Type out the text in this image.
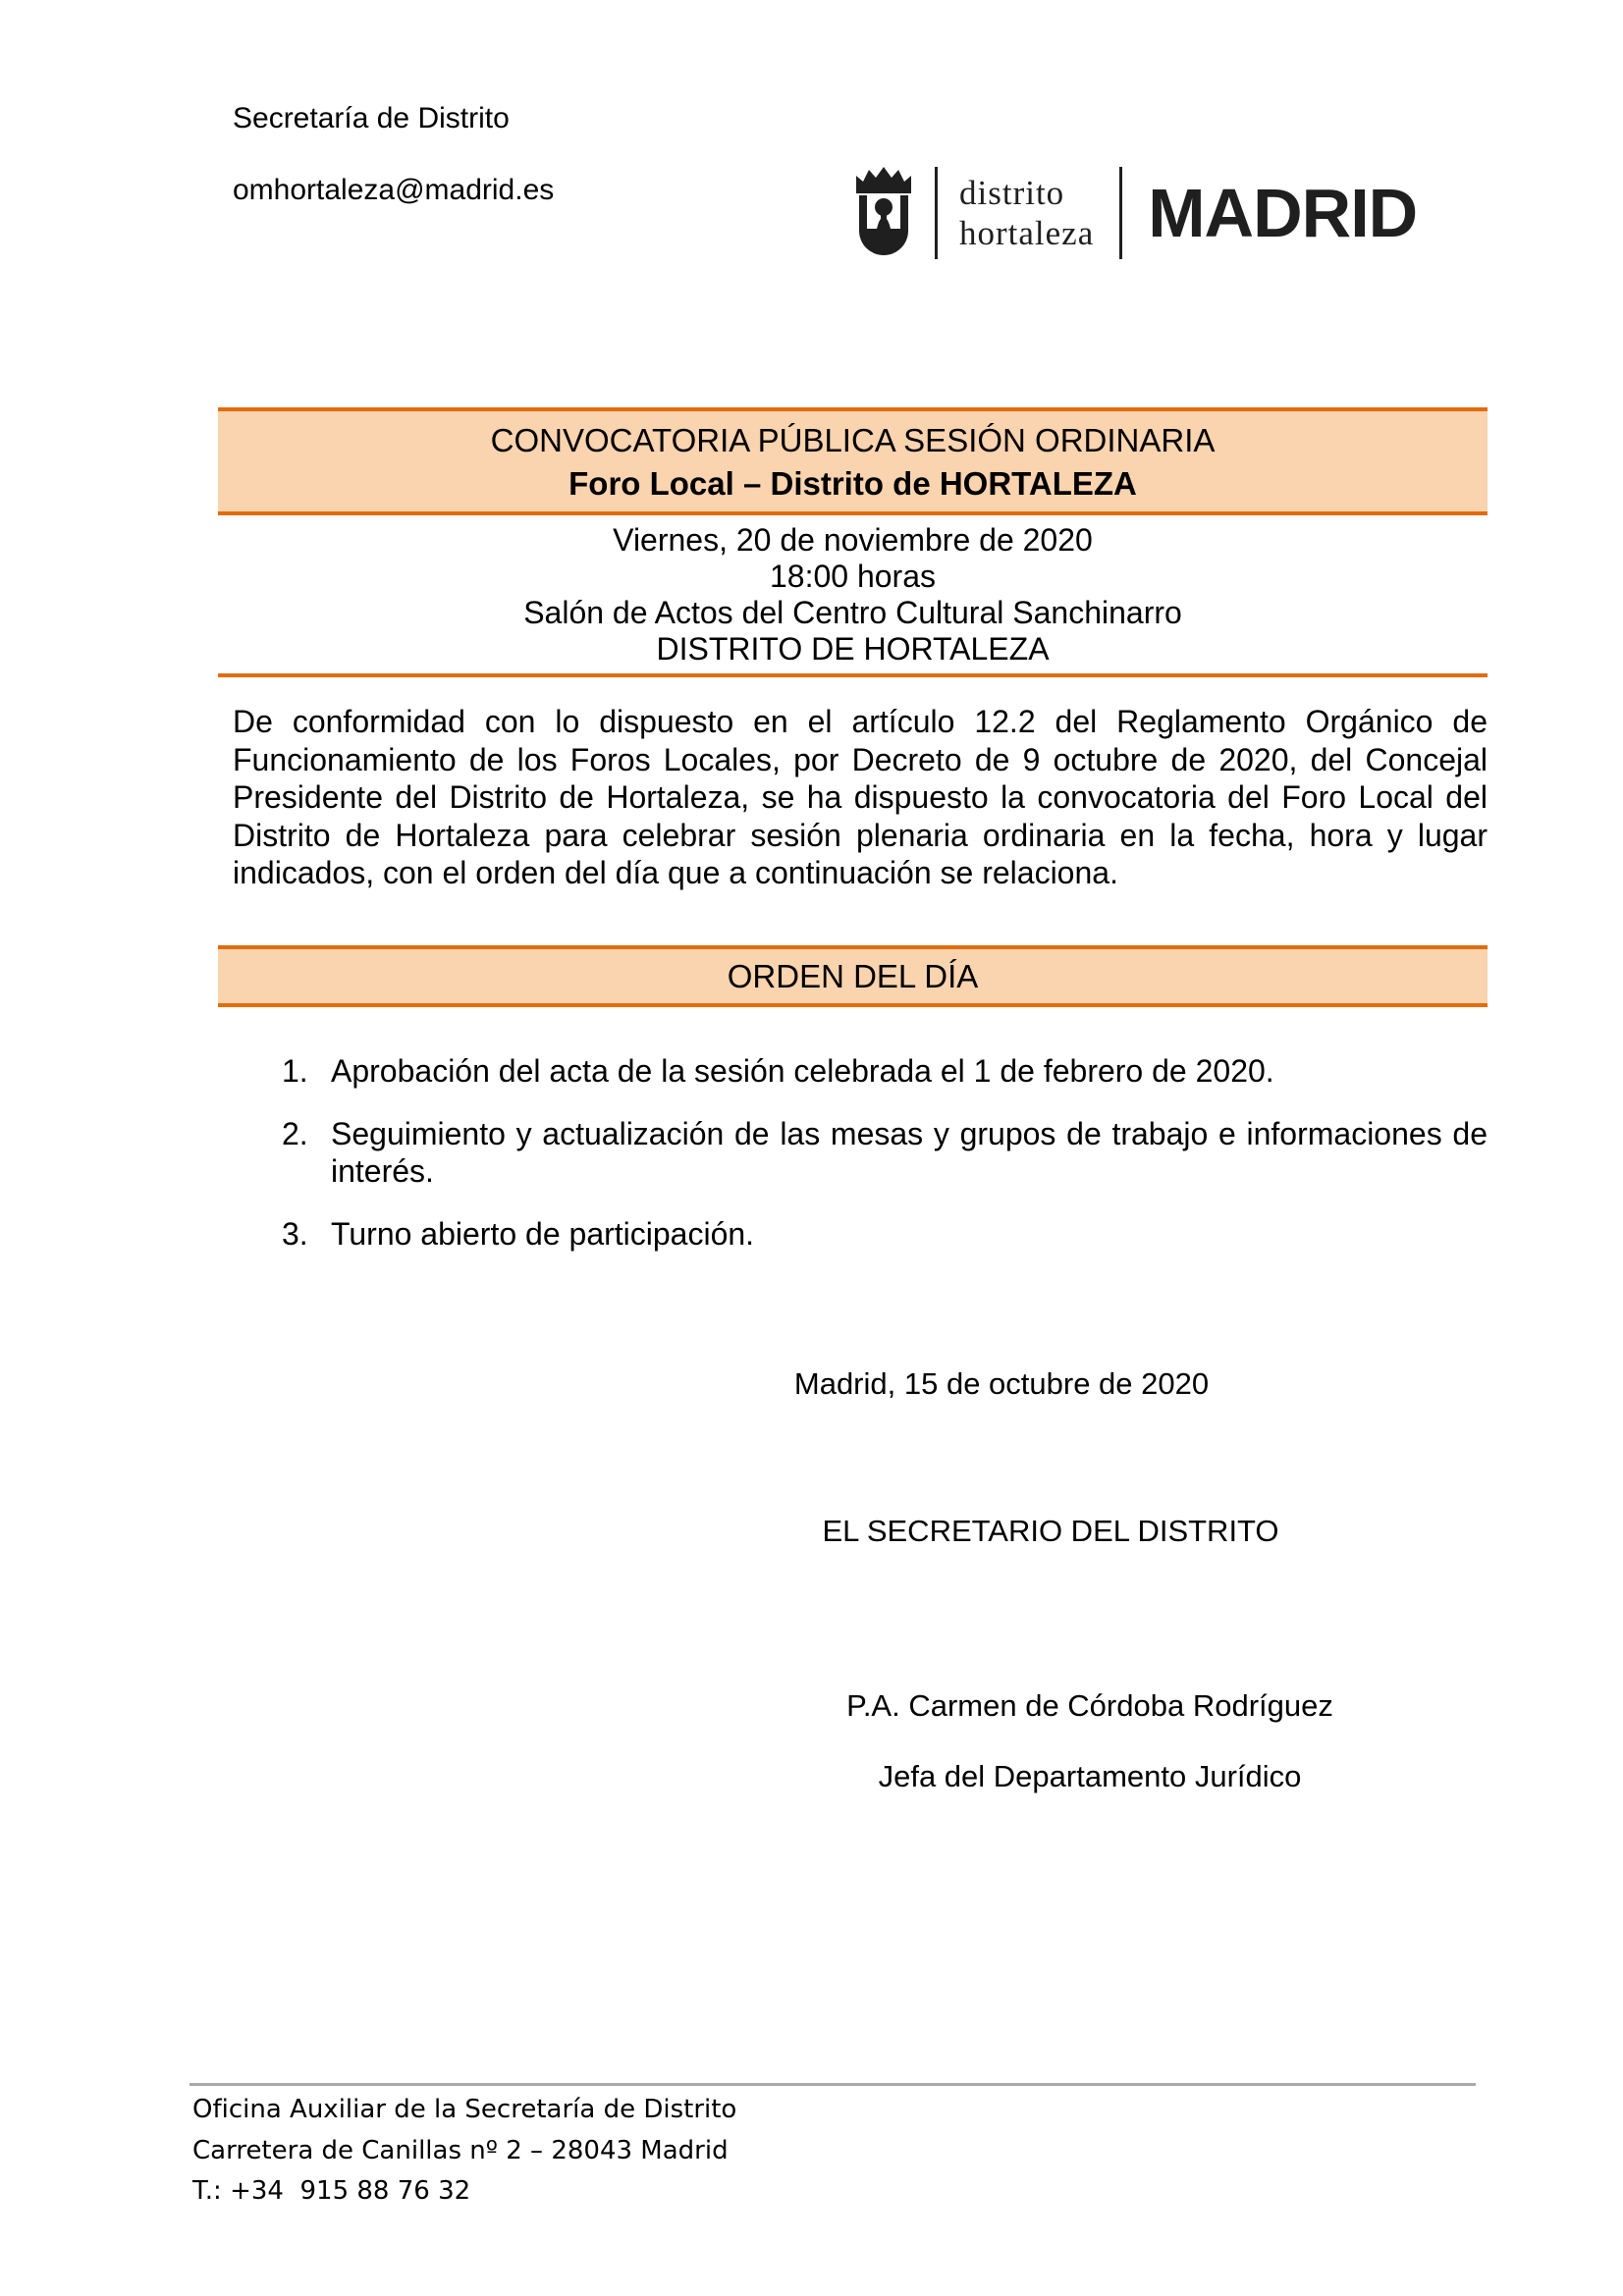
Secretaría de Distrito
omhortaleza@madrid.es	distrito
hortaleza MADRID
CONVOCATORIA PÚBLICA SESIÓN ORDINARIA
Foro Local – Distrito de HORTALEZA
Viernes, 20 de noviembre de 2020
18:00 horas
Salón de Actos del Centro Cultural Sanchinarro
DISTRITO DE HORTALEZA
De conformidad con lo dispuesto en el artículo 12.2 del Reglamento Orgánico de Funcionamiento de los Foros Locales, por Decreto de 9 octubre de 2020, del Concejal Presidente del Distrito de Hortaleza, se ha dispuesto la convocatoria del Foro Local del Distrito de Hortaleza para celebrar sesión plenaria ordinaria en la fecha, hora y lugar indicados, con el orden del día que a continuación se relaciona.
ORDEN DEL DÍA
1. Aprobación del acta de la sesión celebrada el 1 de febrero de 2020.
2. Seguimiento y actualización de las mesas y grupos de trabajo e informaciones de interés.
3. Turno abierto de participación.
Madrid, 15 de octubre de 2020
EL SECRETARIO DEL DISTRITO
P.A. Carmen de Córdoba Rodríguez
Jefa del Departamento Jurídico
Oficina Auxiliar de la Secretaría de Distrito
Carretera de Canillas nº 2 – 28043 Madrid
T.: +34  915 88 76 32
